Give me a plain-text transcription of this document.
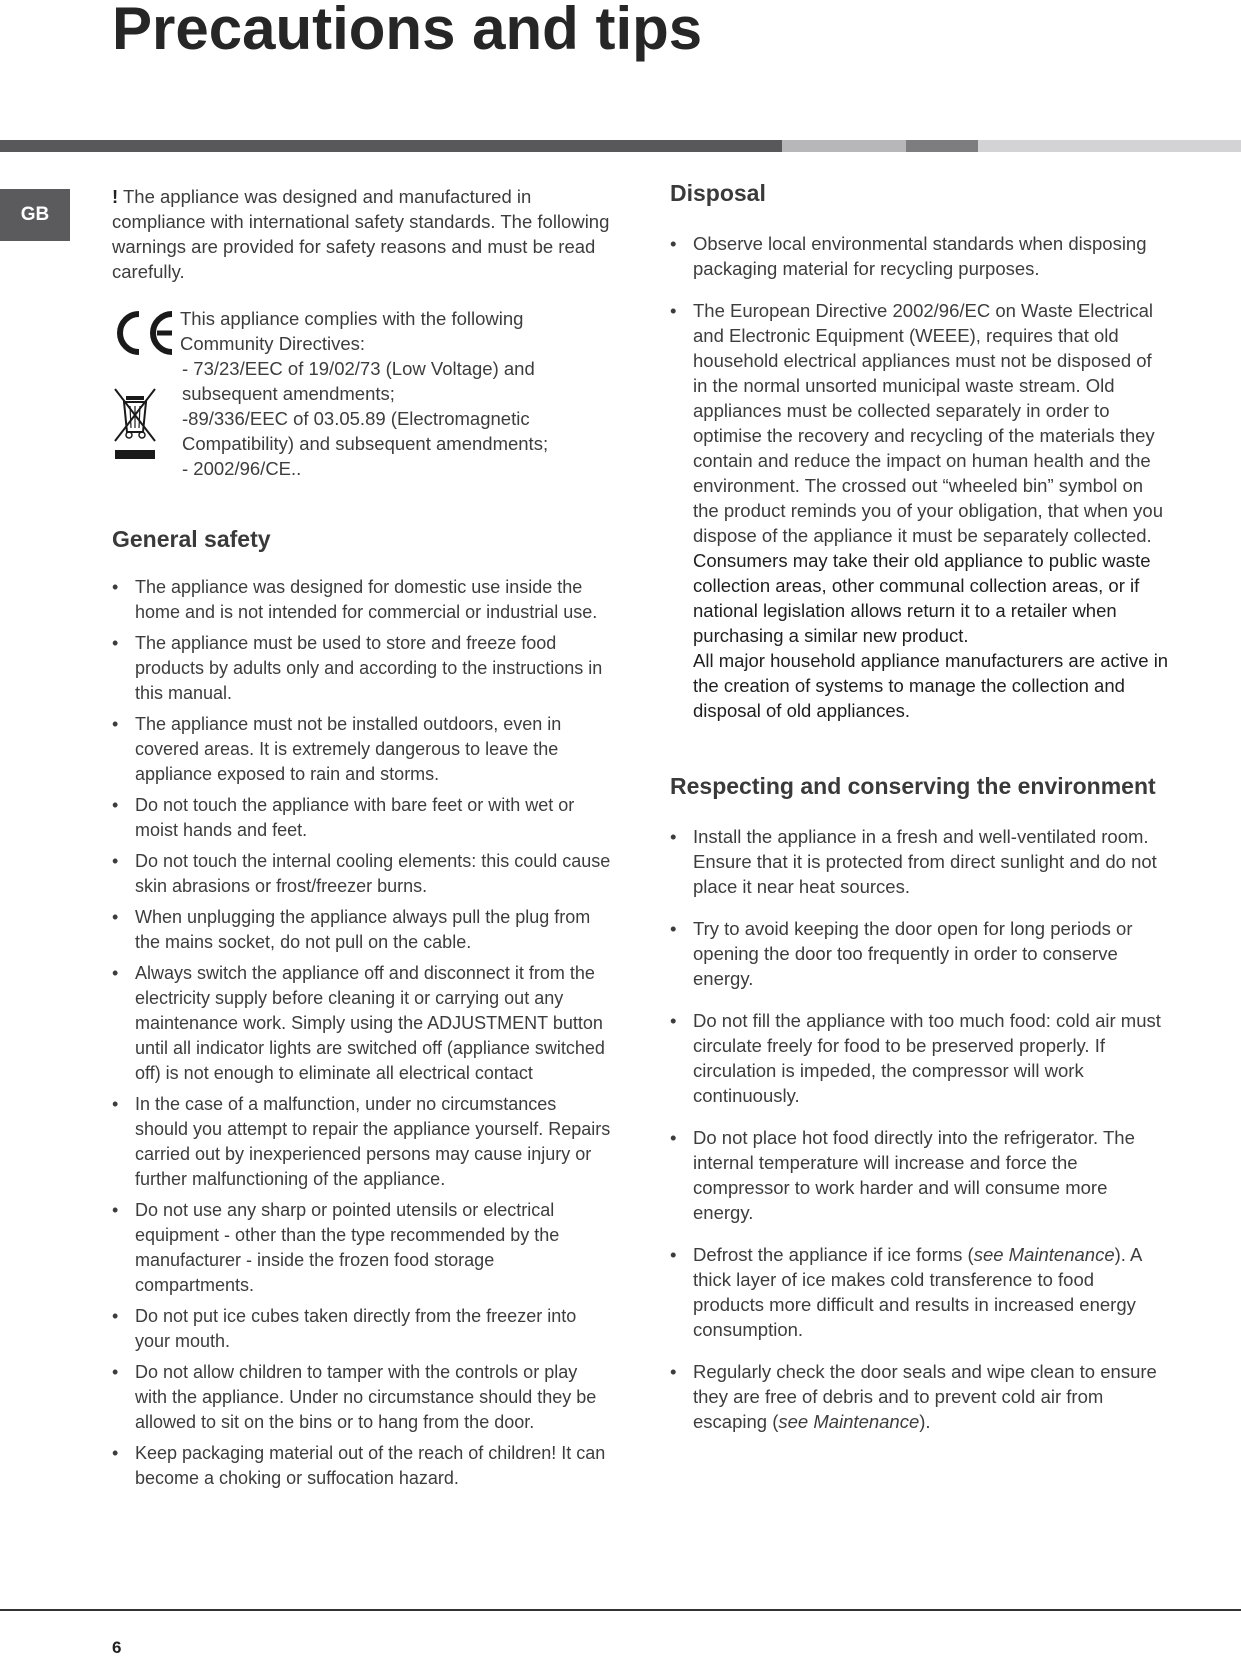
Precautions and tips
GB

! The appliance was designed and manufactured in compliance with international safety standards. The following warnings are provided for safety reasons and must be read carefully.

This appliance complies with the following

Community Directives:

- 73/23/EEC of 19/02/73 (Low Voltage) and

subsequent amendments;

-89/336/EEC of 03.05.89 (Electromagnetic

Compatibility) and subsequent amendments;

- 2002/96/CE..

General safety
• The appliance was designed for domestic use inside the home and is not intended for commercial or industrial use.
• The appliance must be used to store and freeze food products by adults only and according to the instructions in this manual.
• The appliance must not be installed outdoors, even in covered areas. It is extremely dangerous to leave the appliance exposed to rain and storms.
• Do not touch the appliance with bare feet or with wet or moist hands and feet.
• Do not touch the internal cooling elements: this could cause skin abrasions or frost/freezer burns.
• When unplugging the appliance always pull the plug from the mains socket, do not pull on the cable.
• Always switch the appliance off and disconnect it from the electricity supply before cleaning it or carrying out any maintenance work. Simply using the ADJUSTMENT button until all indicator lights are switched off (appliance switched off) is not enough to eliminate all electrical contact
• In the case of a malfunction, under no circumstances should you attempt to repair the appliance yourself. Repairs carried out by inexperienced persons may cause injury or further malfunctioning of the appliance.
• Do not use any sharp or pointed utensils or electrical equipment - other than the type recommended by the manufacturer - inside the frozen food storage compartments.
• Do not put ice cubes taken directly from the freezer into your mouth.
• Do not allow children to tamper with the controls or play with the appliance. Under no circumstance should they be allowed to sit on the bins or to hang from the door.
• Keep packaging material out of the reach of children! It can become a choking or suffocation hazard.
Disposal
• Observe local environmental standards when disposing packaging material for recycling purposes.
• The European Directive 2002/96/EC on Waste Electrical and Electronic Equipment (WEEE), requires that old household electrical appliances must not be disposed of in the normal unsorted municipal waste stream. Old appliances must be collected separately in order to optimise the recovery and recycling of the materials they contain and reduce the impact on human health and the environment. The crossed out “wheeled bin” symbol on the product reminds you of your obligation, that when you dispose of the appliance it must be separately collected.
Consumers may take their old appliance to public waste collection areas, other communal collection areas, or if national legislation allows return it to a retailer when purchasing a similar new product.
All major household appliance manufacturers are active in the creation of systems to manage the collection and disposal of old appliances.
Respecting and conserving the environment
• Install the appliance in a fresh and well-ventilated room. Ensure that it is protected from direct sunlight and do not place it near heat sources.
• Try to avoid keeping the door open for long periods or opening the door too frequently in order to conserve energy.
• Do not fill the appliance with too much food: cold air must circulate freely for food to be preserved properly. If circulation is impeded, the compressor will work continuously.
• Do not place hot food directly into the refrigerator. The internal temperature will increase and force the compressor to work harder and will consume more energy.
• Defrost the appliance if ice forms (see Maintenance). A thick layer of ice makes cold transference to food products more difficult and results in increased energy consumption.
• Regularly check the door seals and wipe clean to ensure they are free of debris and to prevent cold air from escaping (see Maintenance).
6
